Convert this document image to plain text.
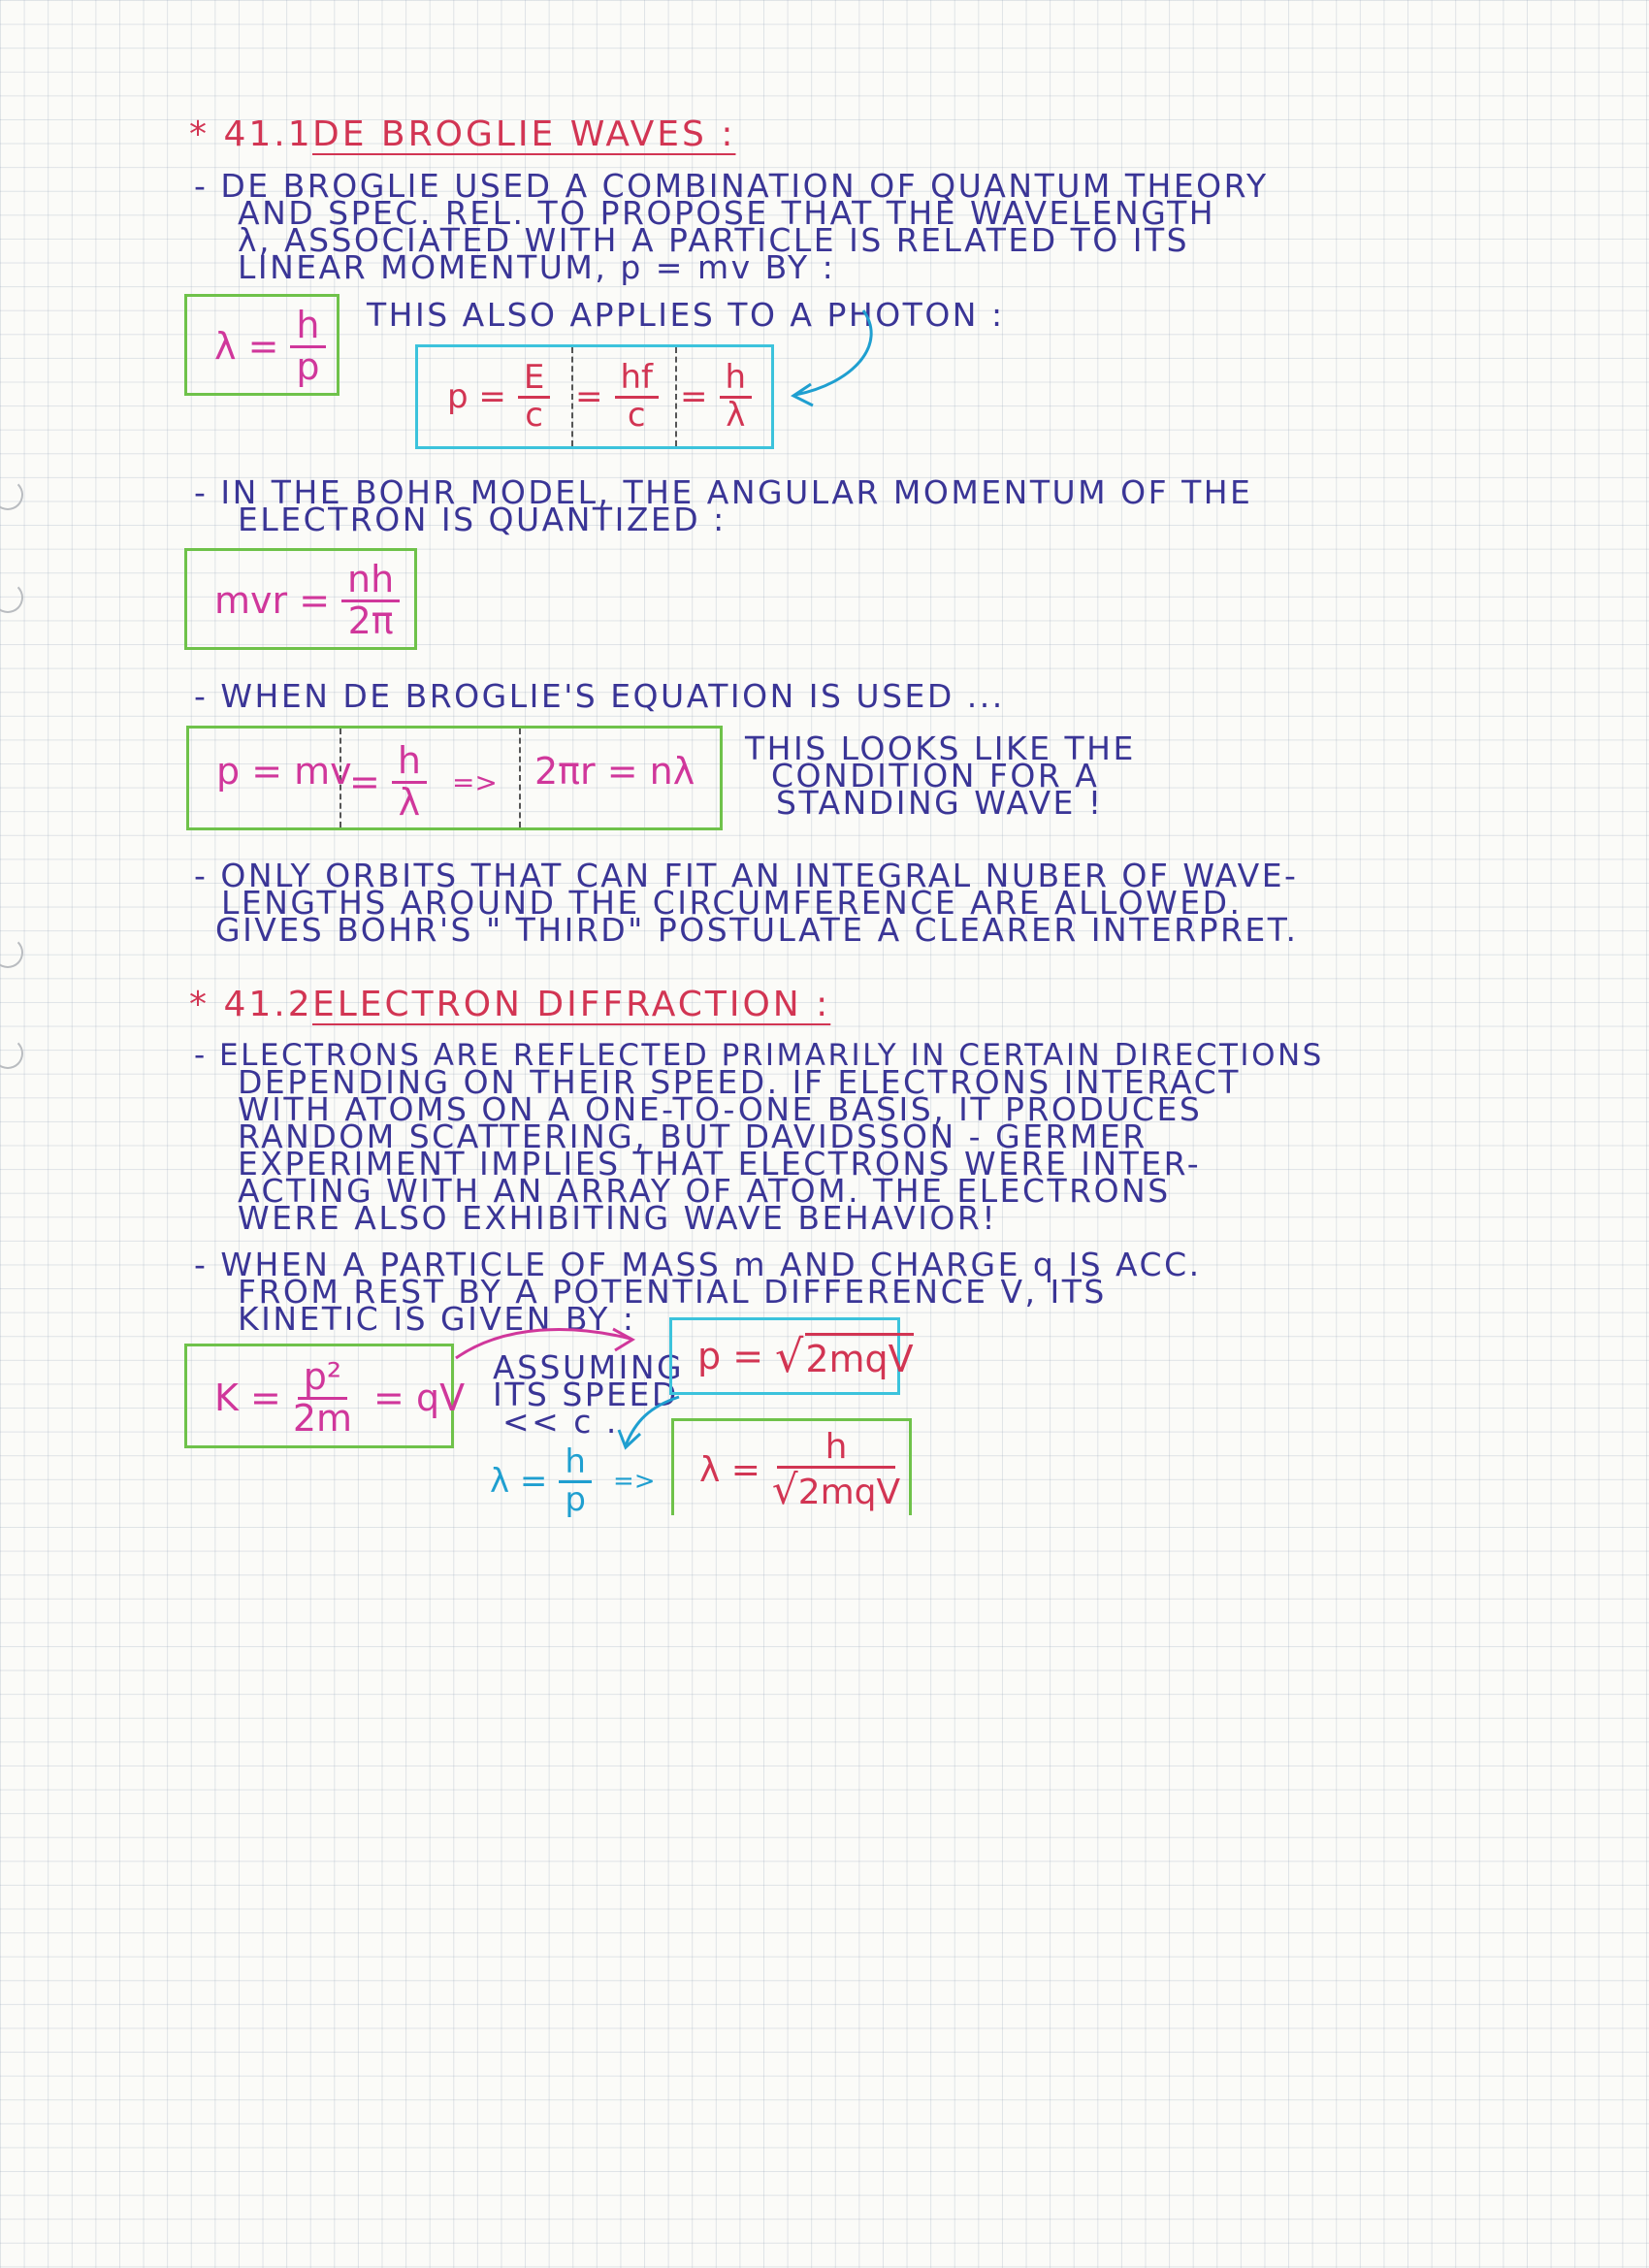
* 41.1 DE BROGLIE WAVES :
- DE BROGLIE USED A COMBINATION OF QUANTUM THEORY
AND SPEC. REL. TO PROPOSE THAT THE WAVELENGTH
λ, ASSOCIATED WITH A PARTICLE IS RELATED TO ITS
LINEAR MOMENTUM, p = mv BY :
$\lambda = \frac{h}{p}$ THIS ALSO APPLIES TO A PHOTON :
$p = \frac{E}{c} = \frac{hf}{c} = \frac{h}{\lambda}$
- IN THE BOHR MODEL, THE ANGULAR MOMENTUM OF THE
ELECTRON IS QUANTIZED :
mvr = $\frac{nh}{2\pi}$
- WHEN DE BROGLIE'S EQUATION IS USED ...
p = mv
= $\frac{h}{\lambda} => 2\pi r = n\lambda$
THIS LOOKS LIKE THE
CONDITION FOR A
STANDING WAVE !
- ONLY ORBITS THAT CAN FIT AN INTEGRAL NUBER OF WAVE-
LENGTHS AROUND THE CIRCUMFERENCE ARE ALLOWED.
GIVES BOHR'S " THIRD" POSTULATE A CLEARER INTERPRET.
* 41.2 ELECTRON DIFFRACTION :
- ELECTRONS ARE REFLECTED PRIMARILY IN CERTAIN DIRECTIONS
DEPENDING ON THEIR SPEED. IF ELECTRONS INTERACT
WITH ATOMS ON A ONE-TO-ONE BASIS, IT PRODUCES
RANDOM SCATTERING, BUT DAVIDSSON - GERMER
EXPERIMENT IMPLIES THAT ELECTRONS WERE INTER-
ACTING WITH AN ARRAY OF ATOM. THE ELECTRONS
WERE ALSO EXHIBITING WAVE BEHAVIOR!
- WHEN A PARTICLE OF MASS m AND CHARGE q IS ACC.
FROM REST BY A POTENTIAL DIFFERENCE V, ITS
KINETIC IS GIVEN BY :
$K = \frac{\text{p²}}{2m}$ = qV
ASSUMING
ITS SPEED
<< c .
p = √ 2mqV
$\lambda = \frac{h}{p} => \lambda = \frac{h}{\text{√2mqV}}$
